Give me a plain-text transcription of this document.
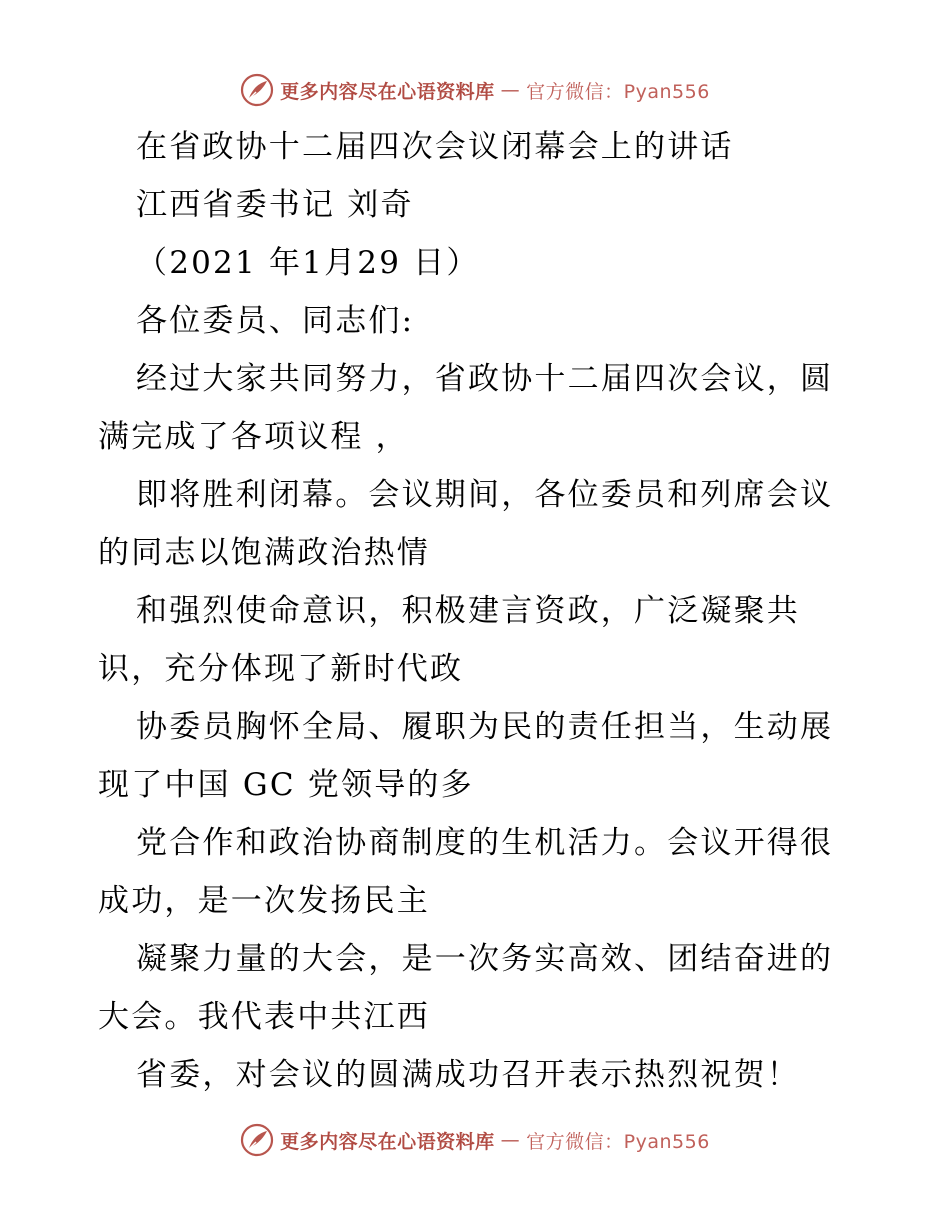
更多内容尽在心语资料库 — 官方微信：Pyan556

在省政协十二届四次会议闭幕会上的讲话

江西省委书记 刘奇

（2021 年1月29 日）

各位委员、同志们:

经过大家共同努力，省政协十二届四次会议，圆

满完成了各项议程 ，

即将胜利闭幕。会议期间，各位委员和列席会议

的同志以饱满政治热情

和强烈使命意识，积极建言资政，广泛凝聚共

识，充分体现了新时代政

协委员胸怀全局、履职为民的责任担当，生动展

现了中国 GC 党领导的多

党合作和政治协商制度的生机活力。会议开得很

成功，是一次发扬民主

凝聚力量的大会，是一次务实高效、团结奋进的

大会。我代表中共江西

省委，对会议的圆满成功召开表示热烈祝贺！

更多内容尽在心语资料库 — 官方微信：Pyan556
